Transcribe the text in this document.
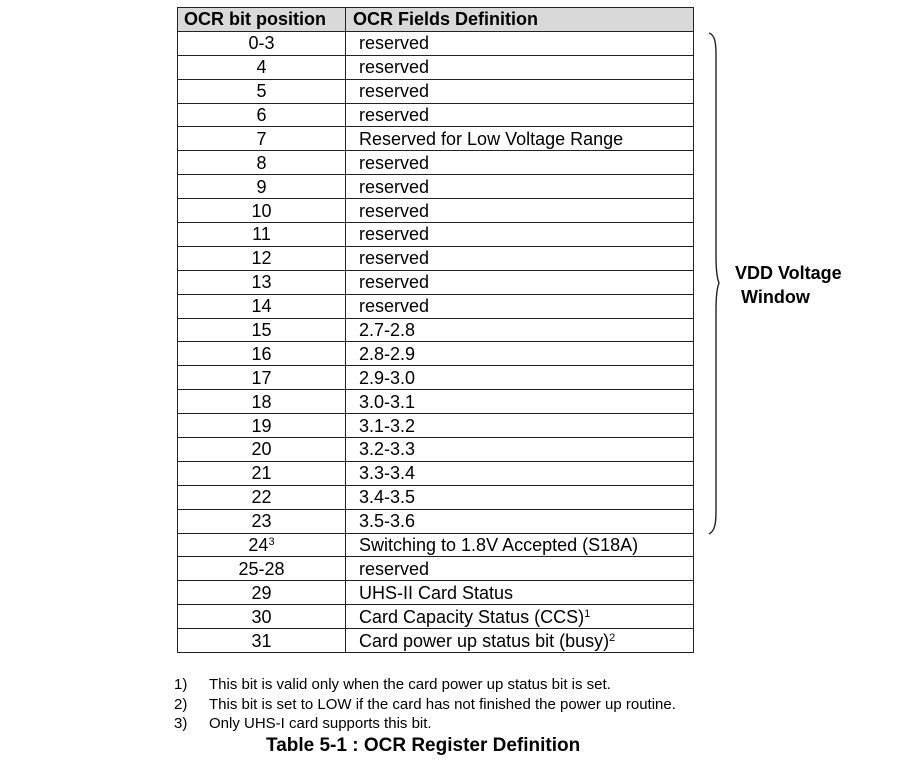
OCR bit position	OCR Fields Definition
0-3	reserved
4	reserved
5	reserved
6	reserved
7	Reserved for Low Voltage Range
8	reserved
9	reserved
10	reserved
11	reserved
12	reserved
13	reserved
14	reserved
15	2.7-2.8
16	2.8-2.9
17	2.9-3.0
18	3.0-3.1
19	3.1-3.2
20	3.2-3.3
21	3.3-3.4
22	3.4-3.5
23	3.5-3.6
$24^3$	Switching to 1.8V Accepted (S18A)
25-28	reserved
29	UHS-II Card Status
30	Card Capacity Status (CCS)$^1$
31	Card power up status bit (busy)$^2$
VDD Voltage
Window
1) This bit is valid only when the card power up status bit is set.
2) This bit is set to LOW if the card has not finished the power up routine.
3) Only UHS-I card supports this bit.
Table 5-1 : OCR Register Definition
